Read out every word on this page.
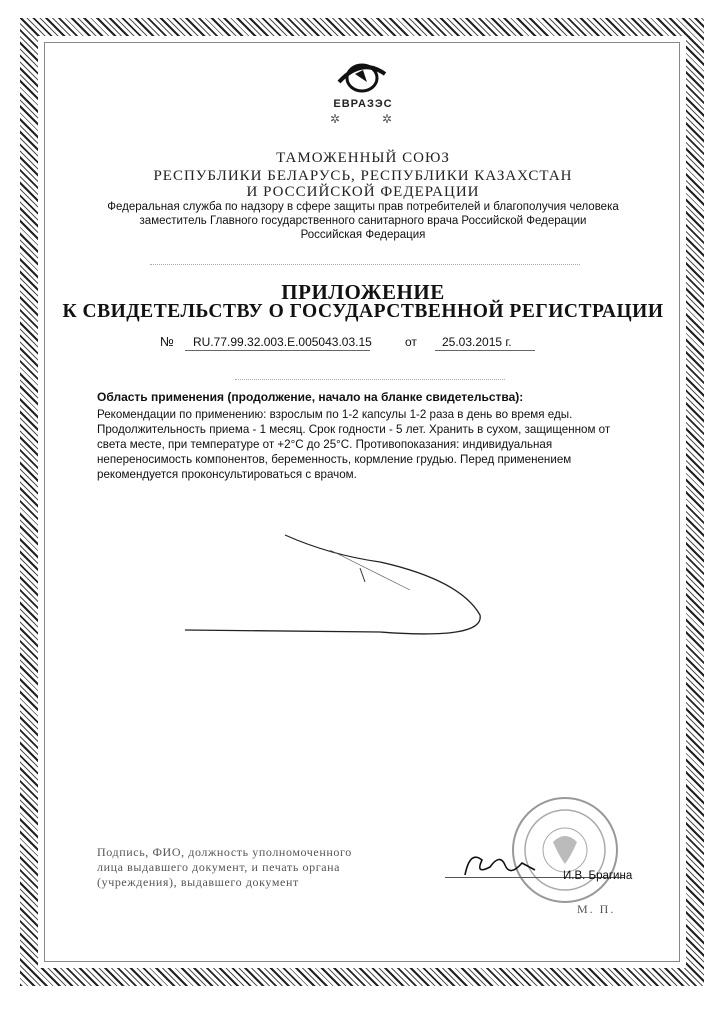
ЕВРАЗЭС
✲	✲
ТАМОЖЕННЫЙ СОЮЗ
РЕСПУБЛИКИ БЕЛАРУСЬ, РЕСПУБЛИКИ КАЗАХСТАН
И РОССИЙСКОЙ ФЕДЕРАЦИИ
Федеральная служба по надзору в сфере защиты прав потребителей и благополучия человека
заместитель Главного государственного санитарного врача Российской Федерации
Российская Федерация
ПРИЛОЖЕНИЕ
К СВИДЕТЕЛЬСТВУ О ГОСУДАРСТВЕННОЙ РЕГИСТРАЦИИ
№ RU.77.99.32.003.E.005043.03.15	от 25.03.2015 г.
Область применения (продолжение, начало на бланке свидетельства):
Рекомендации по применению: взрослым по 1-2 капсулы 1-2 раза в день во время еды.
Продолжительность приема - 1 месяц. Срок годности - 5 лет. Хранить в сухом, защищенном от
света месте, при температуре от +2°С до 25°С. Противопоказания: индивидуальная
непереносимость компонентов, беременность, кормление грудью. Перед применением
рекомендуется проконсультироваться с врачом.
Подпись, ФИО, должность уполномоченного
лица выдавшего документ, и печать органа
(учреждения), выдавшего документ	И.В. Брагина
М. П.
